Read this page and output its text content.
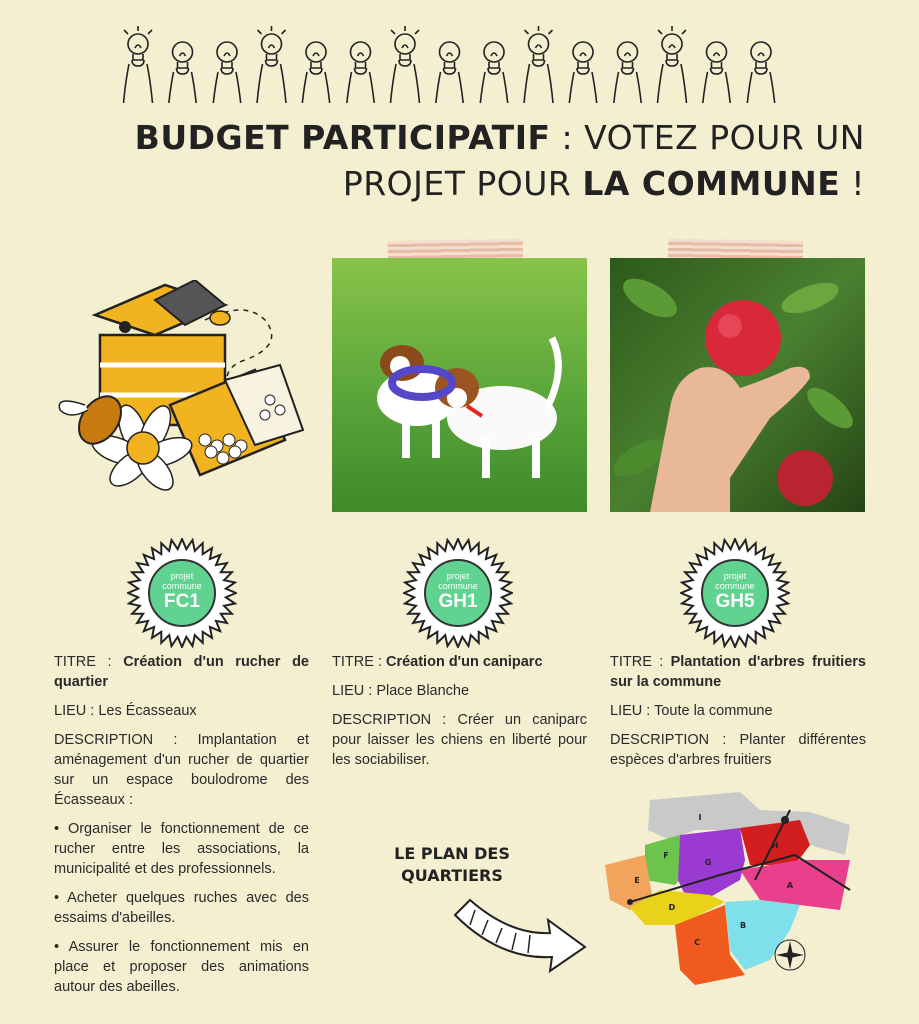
BUDGET PARTICIPATIF : VOTEZ POUR UN
PROJET POUR LA COMMUNE !
projet
commune
FC1
projet
commune
GH1
projet
commune
GH5

TITRE : Création d'un rucher de quartier

LIEU : Les Écasseaux

DESCRIPTION : Implantation et aménagement d'un rucher de quartier sur un espace boulodrome des Écasseaux :

• Organiser le fonctionnement de ce rucher entre les associations, la municipalité et des professionnels.

• Acheter quelques ruches avec des essaims d'abeilles.

• Assurer le fonctionnement mis en place et proposer des animations autour des abeilles.

TITRE : Création d'un caniparc

LIEU : Place Blanche

DESCRIPTION : Créer un caniparc pour laisser les chiens en liberté pour les sociabiliser.

TITRE : Plantation d'arbres fruitiers sur la commune

LIEU : Toute la commune

DESCRIPTION : Planter différentes espèces d'arbres fruitiers

LE PLAN DES
QUARTIERS
A
B
C
D
E
F
G
H
I
